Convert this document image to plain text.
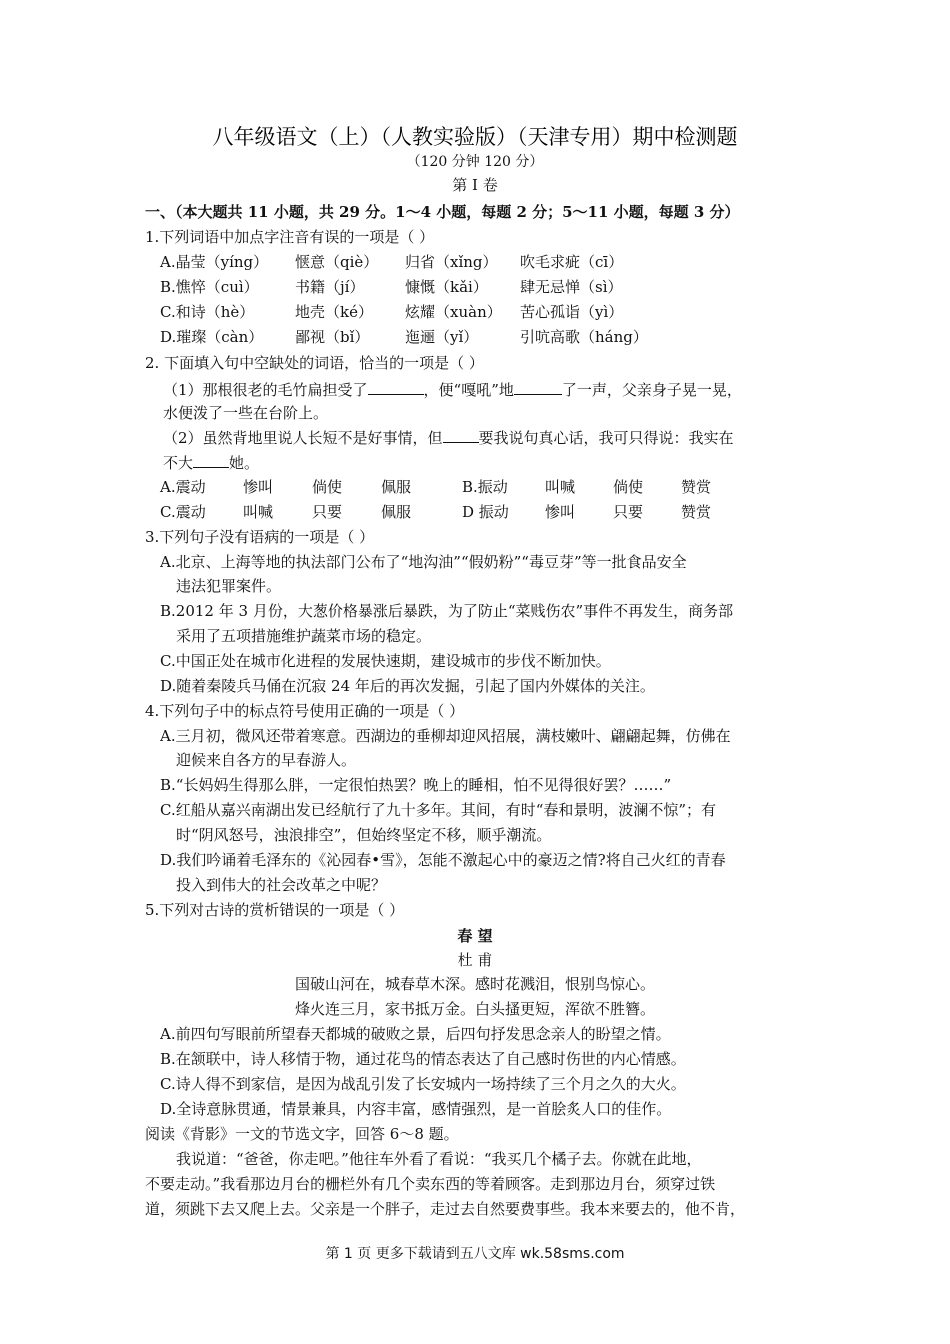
八年级语文（上）（人教实验版）（天津专用）期中检测题
（120 分钟 120 分）
第 I 卷
一、（本大题共 11 小题，共 29 分。1～4 小题，每题 2 分；5～11 小题，每题 3 分）
1.下列词语中加点字注音有误的一项是（ ）
A.晶莹（yíng） 惬意（qiè） 归省（xǐng） 吹毛求疵（cī）
B.憔悴（cuì） 书籍（jí）	慷慨（kǎi） 肆无忌惮（sì）
C.和诗（hè）	地壳（ké） 炫耀（xuàn） 苦心孤诣（yì）
D.璀璨（càn） 鄙视（bǐ） 迤逦（yǐ）	引吭高歌（háng）
2. 下面填入句中空缺处的词语，恰当的一项是（ ）
（1）那根很老的毛竹扁担受了	，便“嘎吼”地	了一声，父亲身子晃一晃，
水便泼了一些在台阶上。
（2）虽然背地里说人长短不是好事情，但 要我说句真心话，我可只得说：我实在
不大 她。
A.震动 惨叫	倘使	佩服	B.振动 叫喊	倘使	赞赏
C.震动 叫喊	只要	佩服	D 振动 惨叫	只要	赞赏
3.下列句子没有语病的一项是（ ）
A.北京、上海等地的执法部门公布了“地沟油”“假奶粉”“毒豆芽”等一批食品安全
违法犯罪案件。
B.2012 年 3 月份，大葱价格暴涨后暴跌，为了防止“菜贱伤农”事件不再发生，商务部
采用了五项措施维护蔬菜市场的稳定。
C.中国正处在城市化进程的发展快速期，建设城市的步伐不断加快。
D.随着秦陵兵马俑在沉寂 24 年后的再次发掘，引起了国内外媒体的关注。
4.下列句子中的标点符号使用正确的一项是（ ）
A.三月初，微风还带着寒意。西湖边的垂柳却迎风招展，满枝嫩叶、翩翩起舞，仿佛在
迎候来自各方的早春游人。
B.“长妈妈生得那么胖，一定很怕热罢？晚上的睡相，怕不见得很好罢？……”
C.红船从嘉兴南湖出发已经航行了九十多年。其间，有时“春和景明，波澜不惊”；有
时“阴风怒号，浊浪排空”，但始终坚定不移，顺乎潮流。
D.我们吟诵着毛泽东的《沁园春•雪》，怎能不激起心中的豪迈之情?将自己火红的青春
投入到伟大的社会改革之中呢？
5.下列对古诗的赏析错误的一项是（ ）
春 望
杜 甫
国破山河在，城春草木深。感时花溅泪，恨别鸟惊心。
烽火连三月，家书抵万金。白头搔更短，浑欲不胜簪。
A.前四句写眼前所望春天都城的破败之景，后四句抒发思念亲人的盼望之情。
B.在颔联中，诗人移情于物，通过花鸟的情态表达了自己感时伤世的内心情感。
C.诗人得不到家信，是因为战乱引发了长安城内一场持续了三个月之久的大火。
D.全诗意脉贯通，情景兼具，内容丰富，感情强烈，是一首脍炙人口的佳作。
阅读《背影》一文的节选文字，回答 6～8 题。
我说道：“爸爸，你走吧。”他往车外看了看说：“我买几个橘子去。你就在此地，
不要走动。”我看那边月台的栅栏外有几个卖东西的等着顾客。走到那边月台，须穿过铁
道，须跳下去又爬上去。父亲是一个胖子，走过去自然要费事些。我本来要去的，他不肯，
第 1 页 更多下载请到五八文库 wk.58sms.com
